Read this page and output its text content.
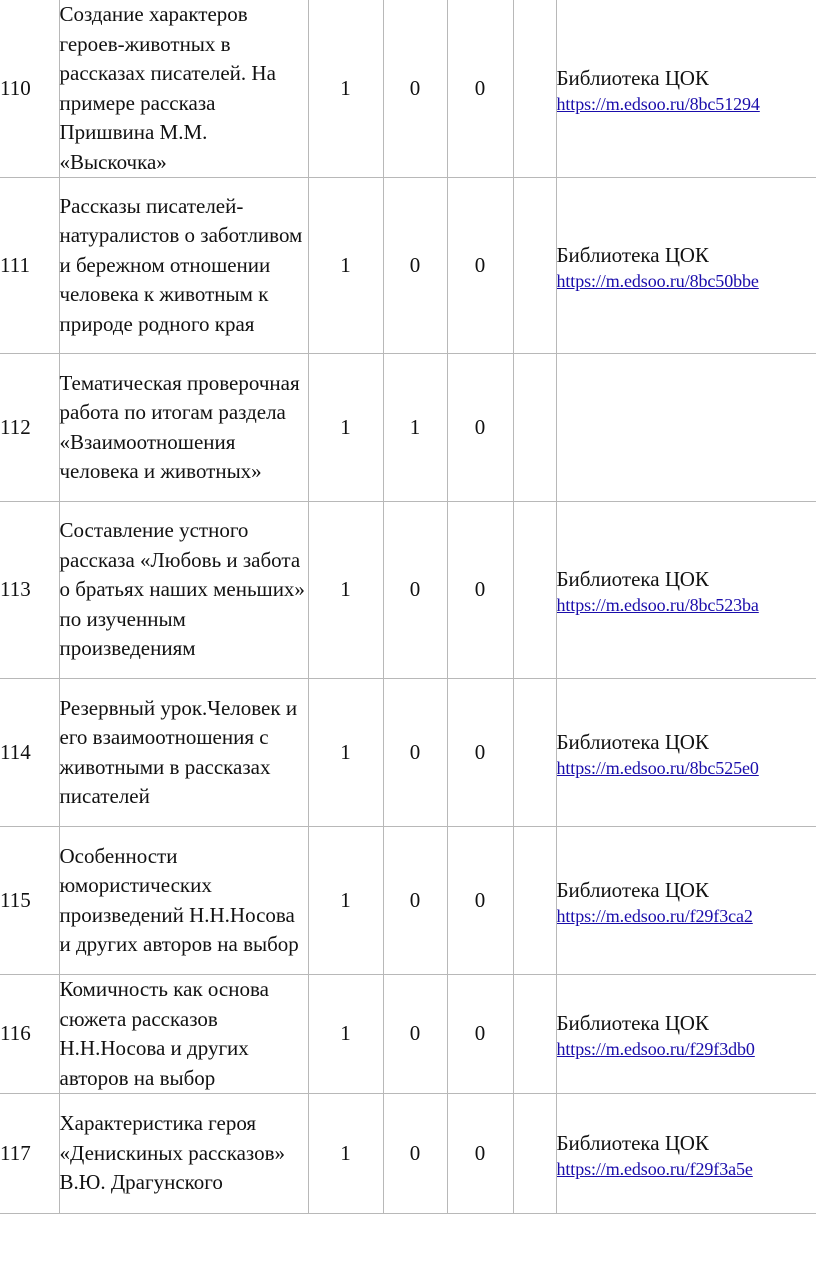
110	Создание характеров героев-животных в рассказах писателей. На примере рассказа Пришвина М.М. «Выскочка»	1	0	0		Библиотека ЦОК
https://m.edsoo.ru/8bc51294

111	Рассказы писателей-натуралистов о заботливом и бережном отношении человека к животным к природе родного края	1	0	0		Библиотека ЦОК
https://m.edsoo.ru/8bc50bbe

112	Тематическая проверочная работа по итогам раздела «Взаимоотношения человека и животных»	1	1	0		
113	Составление устного рассказа «Любовь и забота о братьях наших меньших» по изученным произведениям	1	0	0		Библиотека ЦОК
https://m.edsoo.ru/8bc523ba

114	Резервный урок.Человек и его взаимоотношения с животными в рассказах писателей	1	0	0		Библиотека ЦОК
https://m.edsoo.ru/8bc525e0

115	Особенности юмористических произведений Н.Н.Носова и других авторов на выбор	1	0	0		Библиотека ЦОК
https://m.edsoo.ru/f29f3ca2

116	Комичность как основа сюжета рассказов Н.Н.Носова и других авторов на выбор	1	0	0		Библиотека ЦОК
https://m.edsoo.ru/f29f3db0

117	Характеристика героя «Денискиных рассказов» В.Ю. Драгунского	1	0	0		Библиотека ЦОК
https://m.edsoo.ru/f29f3a5e
